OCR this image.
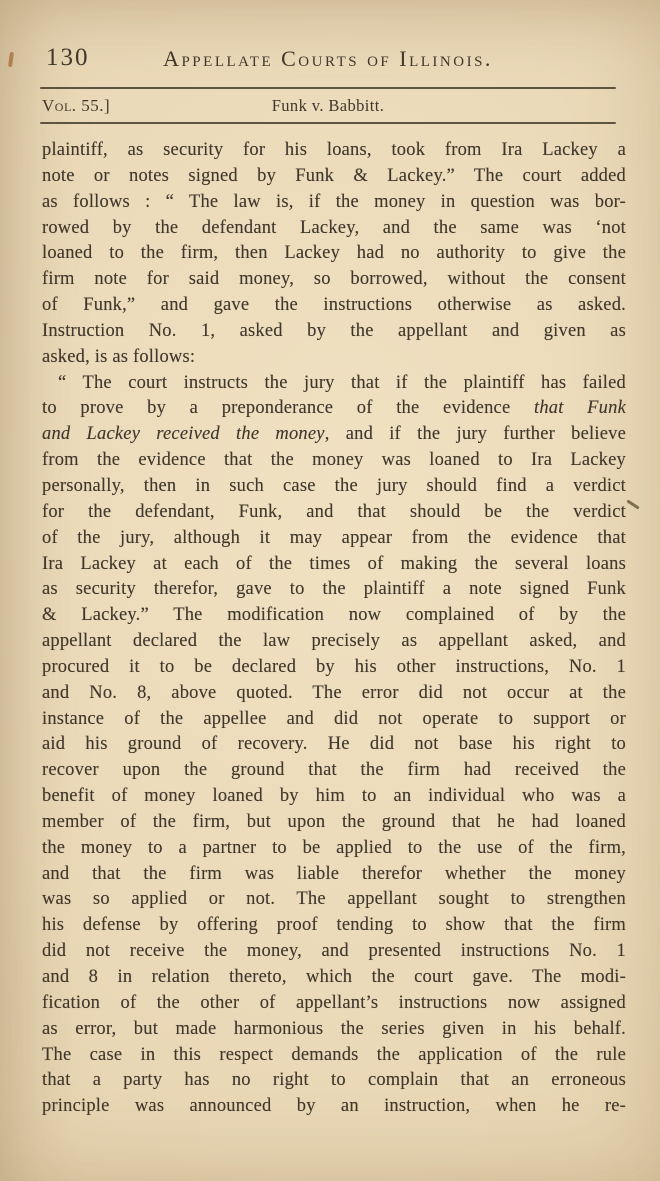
130	Appellate Courts of Illinois.
Vol. 55.]	Funk v. Babbitt.
plaintiff, as security for his loans, took from Ira Lackey a
note or notes signed by Funk & Lackey.” The court added
as follows : “ The law is, if the money in question was bor-
rowed by the defendant Lackey, and the same was ‘not
loaned to the firm, then Lackey had no authority to give the
firm note for said money, so borrowed, without the consent
of Funk,” and gave the instructions otherwise as asked.
Instruction No. 1, asked by the appellant and given as
asked, is as follows:
“ The court instructs the jury that if the plaintiff has failed
to prove by a preponderance of the evidence that Funk
and Lackey received the money, and if the jury further believe
from the evidence that the money was loaned to Ira Lackey
personally, then in such case the jury should find a verdict
for the defendant, Funk, and that should be the verdict
of the jury, although it may appear from the evidence that
Ira Lackey at each of the times of making the several loans
as security therefor, gave to the plaintiff a note signed Funk
& Lackey.” The modification now complained of by the
appellant declared the law precisely as appellant asked, and
procured it to be declared by his other instructions, No. 1
and No. 8, above quoted. The error did not occur at the
instance of the appellee and did not operate to support or
aid his ground of recovery. He did not base his right to
recover upon the ground that the firm had received the
benefit of money loaned by him to an individual who was a
member of the firm, but upon the ground that he had loaned
the money to a partner to be applied to the use of the firm,
and that the firm was liable therefor whether the money
was so applied or not. The appellant sought to strengthen
his defense by offering proof tending to show that the firm
did not receive the money, and presented instructions No. 1
and 8 in relation thereto, which the court gave. The modi-
fication of the other of appellant’s instructions now assigned
as error, but made harmonious the series given in his behalf.
The case in this respect demands the application of the rule
that a party has no right to complain that an erroneous
principle was announced by an instruction, when he re-
